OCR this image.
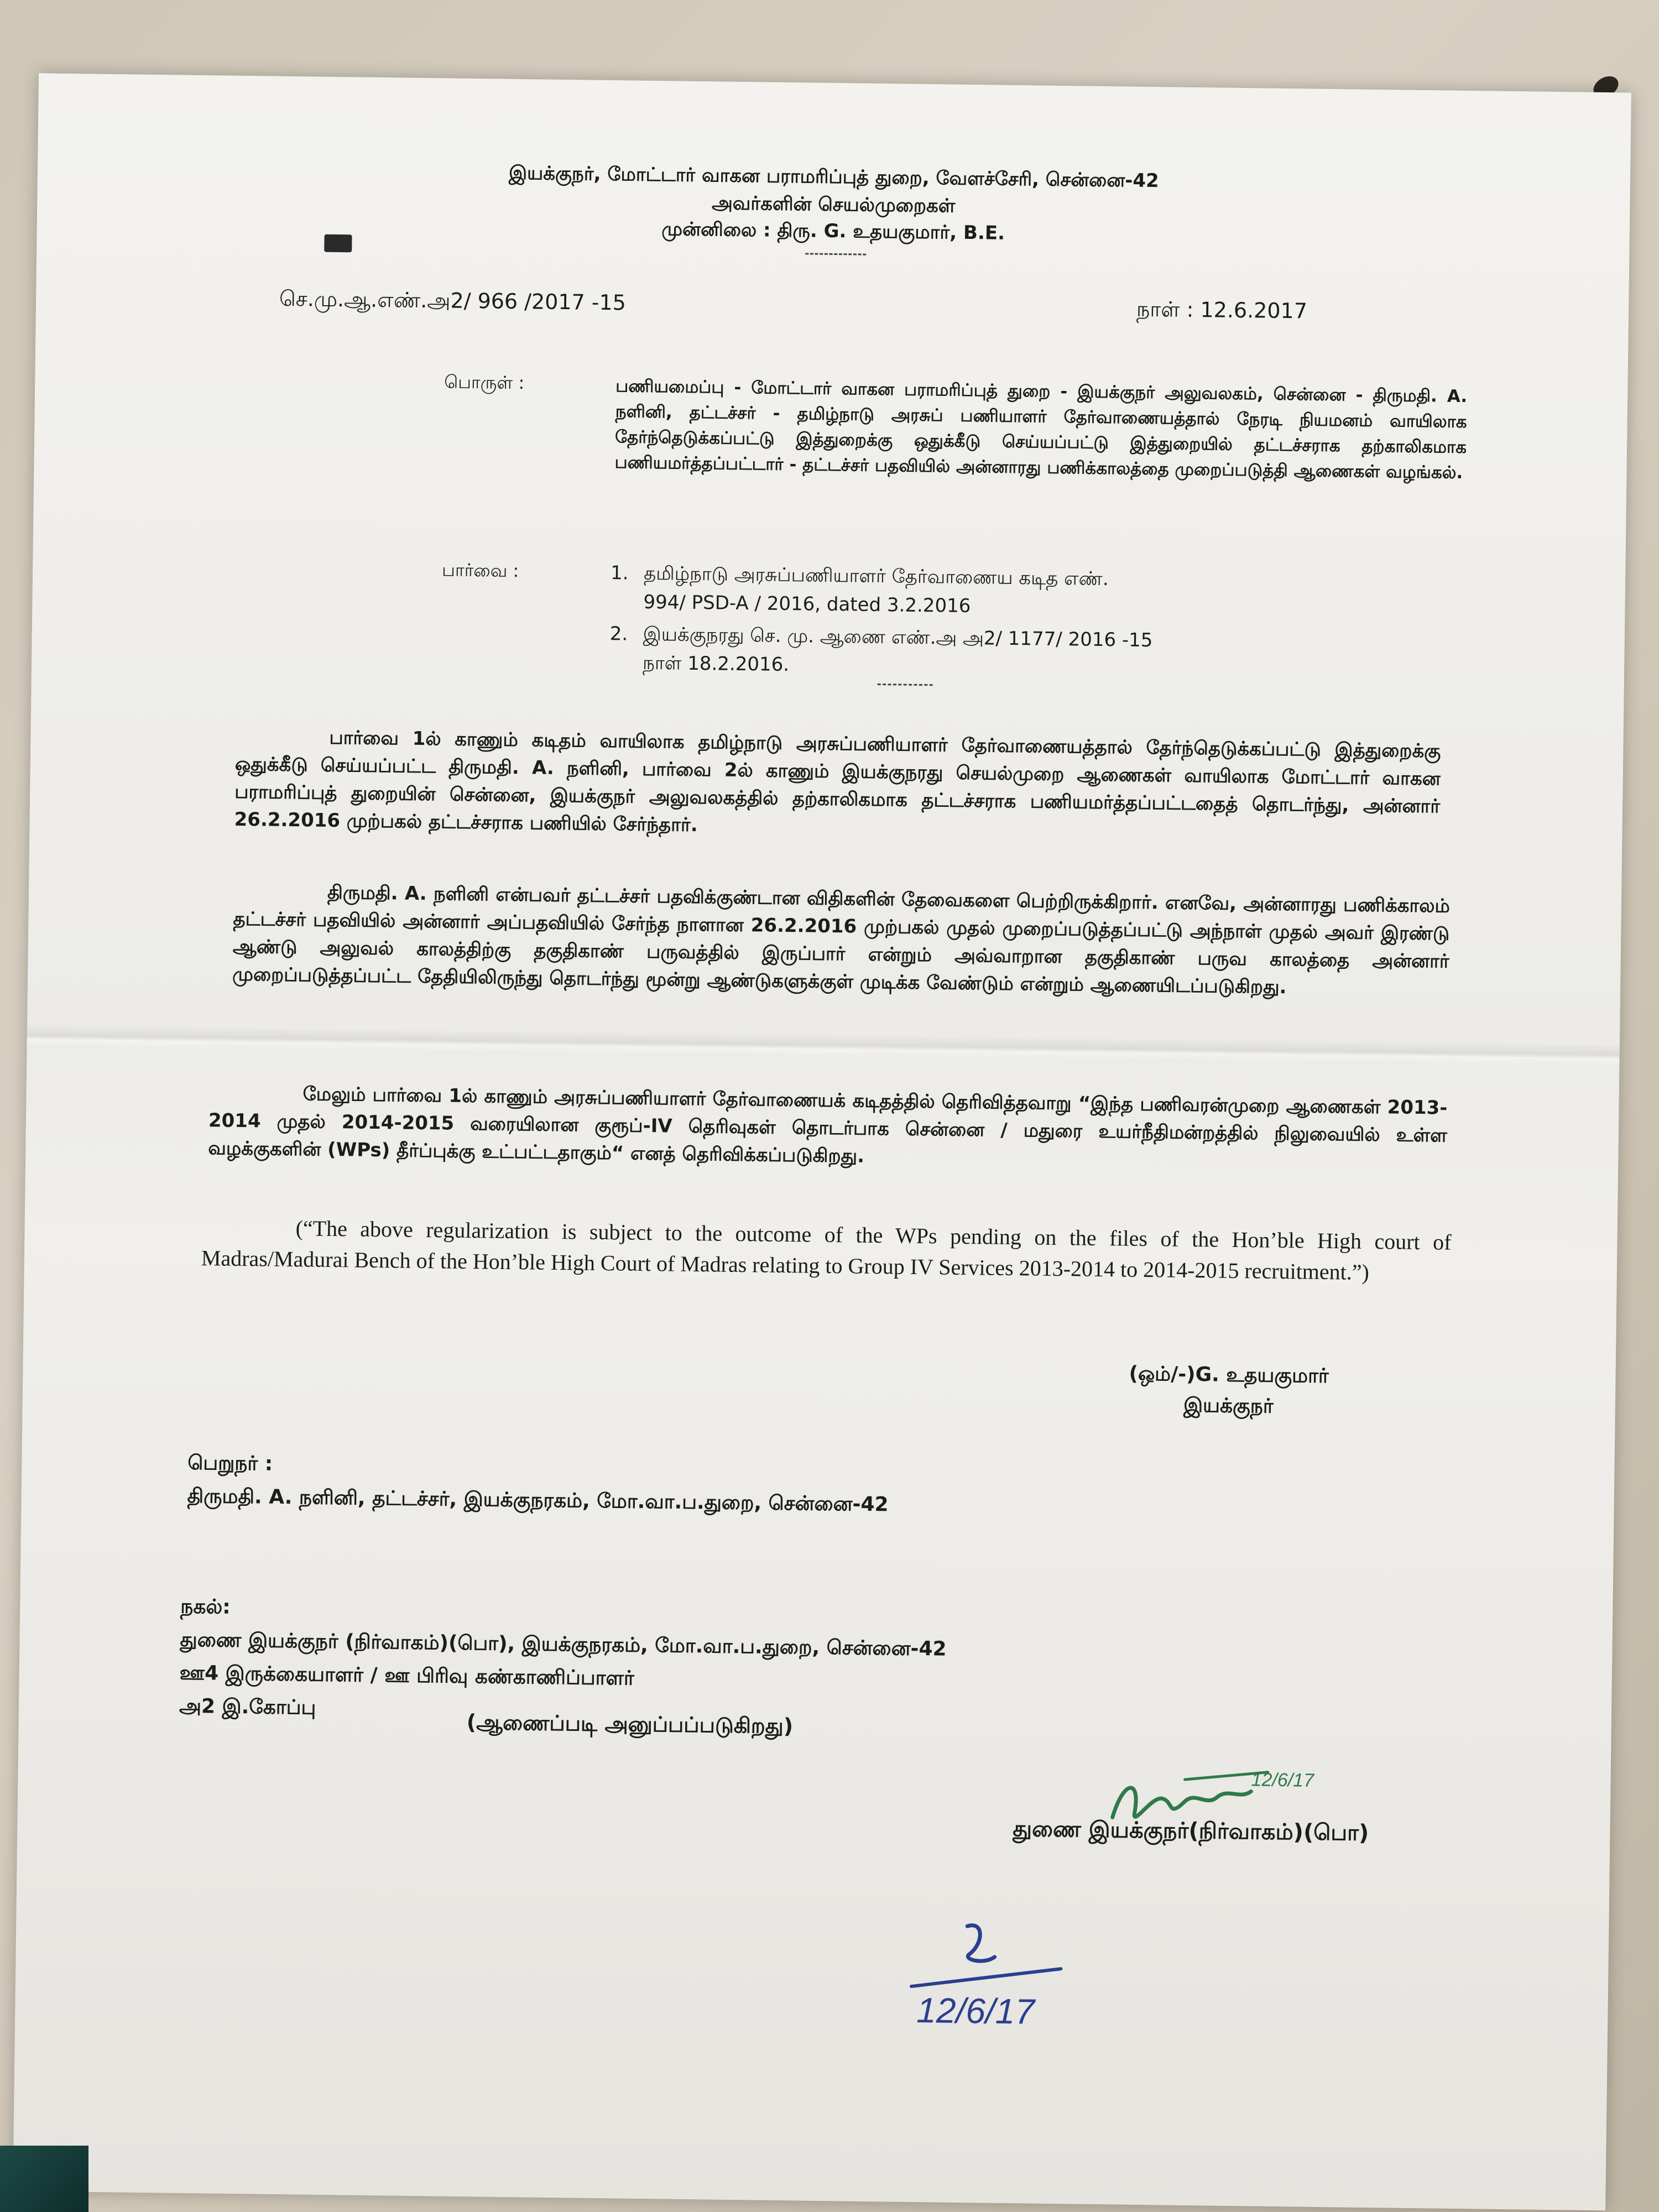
இயக்குநர், மோட்டார் வாகன பராமரிப்புத் துறை, வேளச்சேரி, சென்னை-42
அவர்களின் செயல்முறைகள்
முன்னிலை : திரு. G. உதயகுமார், B.E.
செ.மு.ஆ.எண்.அ2/ 966 /2017 -15	நாள் : 12.6.2017
பொருள் :	பணியமைப்பு - மோட்டார் வாகன பராமரிப்புத் துறை - இயக்குநர் அலுவலகம், சென்னை - திருமதி. A. நளினி, தட்டச்சர் - தமிழ்நாடு அரசுப் பணியாளர் தேர்வாணையத்தால் நேரடி நியமனம் வாயிலாக தேர்ந்தெடுக்கப்பட்டு இத்துறைக்கு ஒதுக்கீடு செய்யப்பட்டு இத்துறையில் தட்டச்சராக தற்காலிகமாக பணியமர்த்தப்பட்டார் - தட்டச்சர் பதவியில் அன்னாரது பணிக்காலத்தை முறைப்படுத்தி ஆணைகள் வழங்கல்.
பார்வை :	1. தமிழ்நாடு அரசுப்பணியாளர் தேர்வாணைய கடித எண்.
994/ PSD-A / 2016, dated 3.2.2016
2. இயக்குநரது செ. மு. ஆணை எண்.அ அ2/ 1177/ 2016 -15
நாள் 18.2.2016.
பார்வை 1ல் காணும் கடிதம் வாயிலாக தமிழ்நாடு அரசுப்பணியாளர் தேர்வாணையத்தால் தேர்ந்தெடுக்கப்பட்டு இத்துறைக்கு ஒதுக்கீடு செய்யப்பட்ட திருமதி. A. நளினி, பார்வை 2ல் காணும் இயக்குநரது செயல்முறை ஆணைகள் வாயிலாக மோட்டார் வாகன பராமரிப்புத் துறையின் சென்னை, இயக்குநர் அலுவலகத்தில் தற்காலிகமாக தட்டச்சராக பணியமர்த்தப்பட்டதைத் தொடர்ந்து, அன்னார் 26.2.2016 முற்பகல் தட்டச்சராக பணியில் சேர்ந்தார்.
திருமதி. A. நளினி என்பவர் தட்டச்சர் பதவிக்குண்டான விதிகளின் தேவைகளை பெற்றிருக்கிறார். எனவே, அன்னாரது பணிக்காலம் தட்டச்சர் பதவியில் அன்னார் அப்பதவியில் சேர்ந்த நாளான 26.2.2016 முற்பகல் முதல் முறைப்படுத்தப்பட்டு அந்நாள் முதல் அவர் இரண்டு ஆண்டு அலுவல் காலத்திற்கு தகுதிகாண் பருவத்தில் இருப்பார் என்றும் அவ்வாறான தகுதிகாண் பருவ காலத்தை அன்னார் முறைப்படுத்தப்பட்ட தேதியிலிருந்து தொடர்ந்து மூன்று ஆண்டுகளுக்குள் முடிக்க வேண்டும் என்றும் ஆணையிடப்படுகிறது.
மேலும் பார்வை 1ல் காணும் அரசுப்பணியாளர் தேர்வாணையக் கடிதத்தில் தெரிவித்தவாறு “இந்த பணிவரன்முறை ஆணைகள் 2013-2014 முதல் 2014-2015 வரையிலான குரூப்-IV தெரிவுகள் தொடர்பாக சென்னை / மதுரை உயர்நீதிமன்றத்தில் நிலுவையில் உள்ள வழக்குகளின் (WPs) தீர்ப்புக்கு உட்பட்டதாகும்“ எனத் தெரிவிக்கப்படுகிறது.
(“The above regularization is subject to the outcome of the WPs pending on the files of the Hon’ble High court of Madras/Madurai Bench of the Hon’ble High Court of Madras relating to Group IV Services 2013-2014 to 2014-2015 recruitment.”)
(ஒம்/-)G. உதயகுமார்
இயக்குநர்
பெறுநர் :
திருமதி. A. நளினி, தட்டச்சர், இயக்குநரகம், மோ.வா.ப.துறை, சென்னை-42
நகல்:
துணை இயக்குநர் (நிர்வாகம்)(பொ), இயக்குநரகம், மோ.வா.ப.துறை, சென்னை-42
ஊ4 இருக்கையாளர் / ஊ பிரிவு கண்காணிப்பாளர்
அ2 இ.கோப்பு
(ஆணைப்படி அனுப்பப்படுகிறது)
12/6/17
துணை இயக்குநர்(நிர்வாகம்)(பொ)
12/6/17
